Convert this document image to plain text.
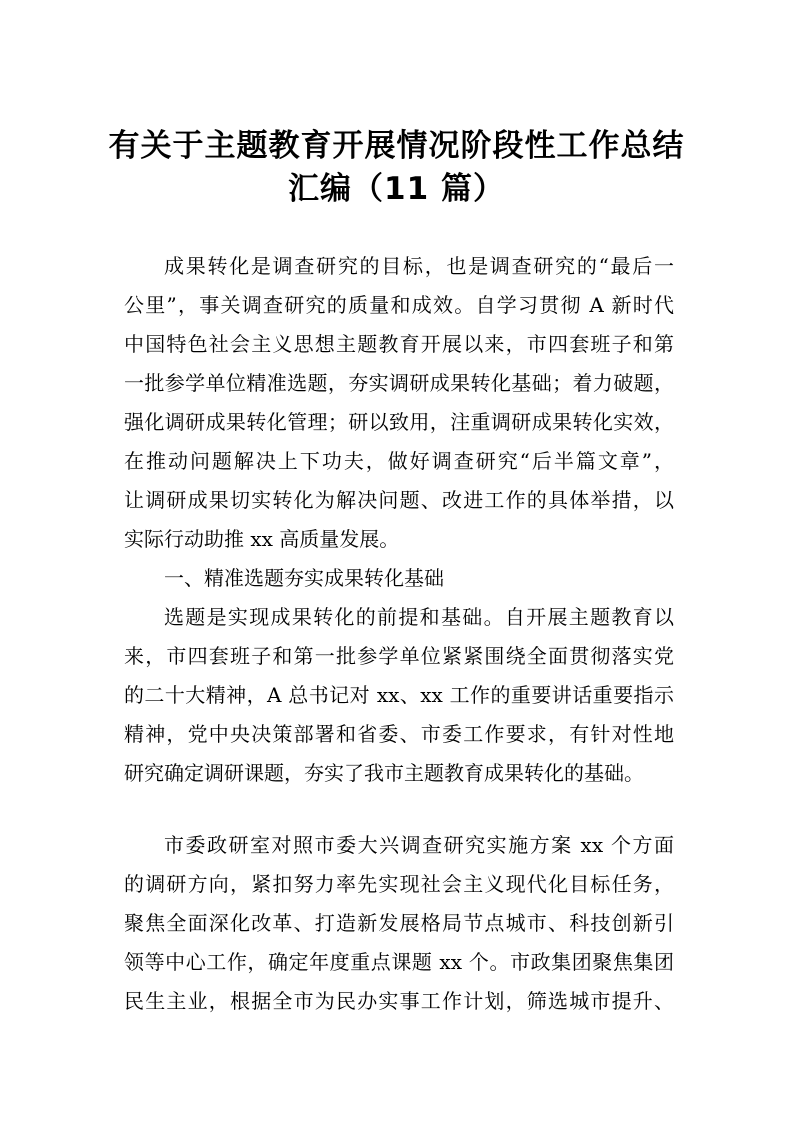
有关于主题教育开展情况阶段性工作总结
汇编（11 篇）
成果转化是调查研究的目标，也是调查研究的“最后一
公里”，事关调查研究的质量和成效。自学习贯彻 A 新时代
中国特色社会主义思想主题教育开展以来，市四套班子和第
一批参学单位精准选题，夯实调研成果转化基础；着力破题，
强化调研成果转化管理；研以致用，注重调研成果转化实效，
在推动问题解决上下功夫，做好调查研究“后半篇文章”，
让调研成果切实转化为解决问题、改进工作的具体举措，以
实际行动助推 xx 高质量发展。
一、精准选题夯实成果转化基础
选题是实现成果转化的前提和基础。自开展主题教育以
来，市四套班子和第一批参学单位紧紧围绕全面贯彻落实党
的二十大精神，A 总书记对 xx、xx 工作的重要讲话重要指示
精神，党中央决策部署和省委、市委工作要求，有针对性地
研究确定调研课题，夯实了我市主题教育成果转化的基础。
市委政研室对照市委大兴调查研究实施方案 xx 个方面
的调研方向，紧扣努力率先实现社会主义现代化目标任务，
聚焦全面深化改革、打造新发展格局节点城市、科技创新引
领等中心工作，确定年度重点课题 xx 个。市政集团聚焦集团
民生主业，根据全市为民办实事工作计划，筛选城市提升、
